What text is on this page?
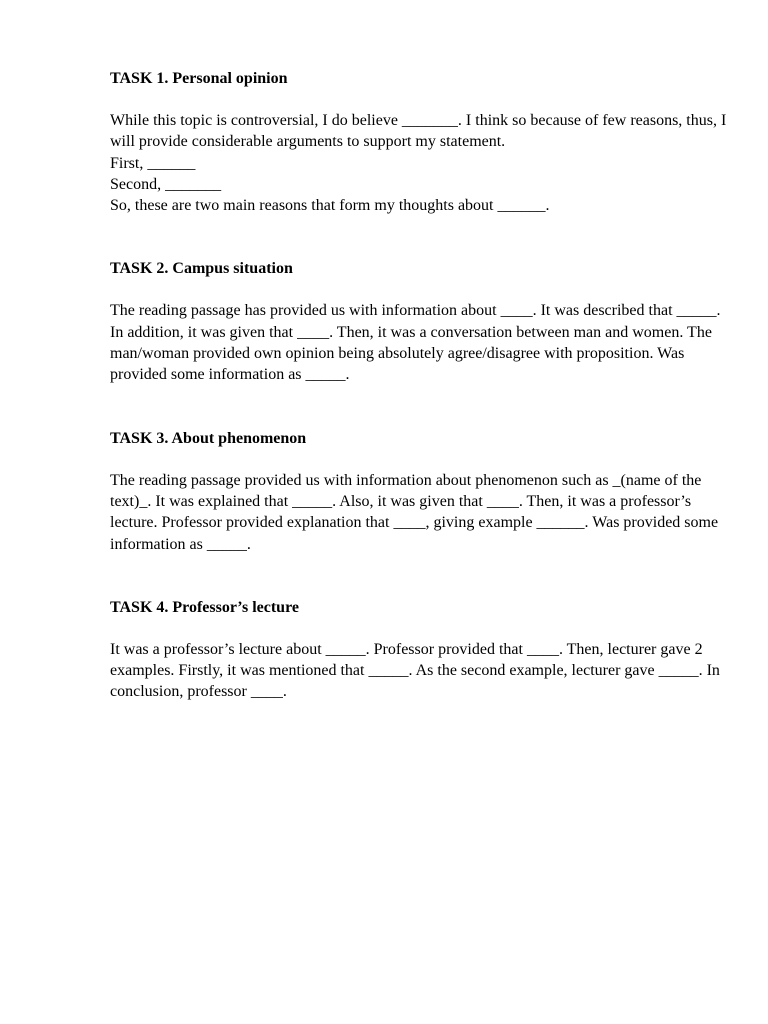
TASK 1. Personal opinion

While this topic is controversial, I do believe _______. I think so because of few reasons, thus, I will provide considerable arguments to support my statement.
First, ______
Second, _______
So, these are two main reasons that form my thoughts about ______.

TASK 2. Campus situation

The reading passage has provided us with information about ____. It was described that _____. In addition, it was given that ____. Then, it was a conversation between man and women. The man/woman provided own opinion being absolutely agree/disagree with proposition. Was provided some information as _____.

TASK 3. About phenomenon

The reading passage provided us with information about phenomenon such as _(name of the text)_. It was explained that _____. Also, it was given that ____. Then, it was a professor’s lecture. Professor provided explanation that ____, giving example ______. Was provided some information as _____.

TASK 4. Professor’s lecture

It was a professor’s lecture about _____. Professor provided that ____. Then, lecturer gave 2 examples. Firstly, it was mentioned that _____. As the second example, lecturer gave _____. In conclusion, professor ____.
